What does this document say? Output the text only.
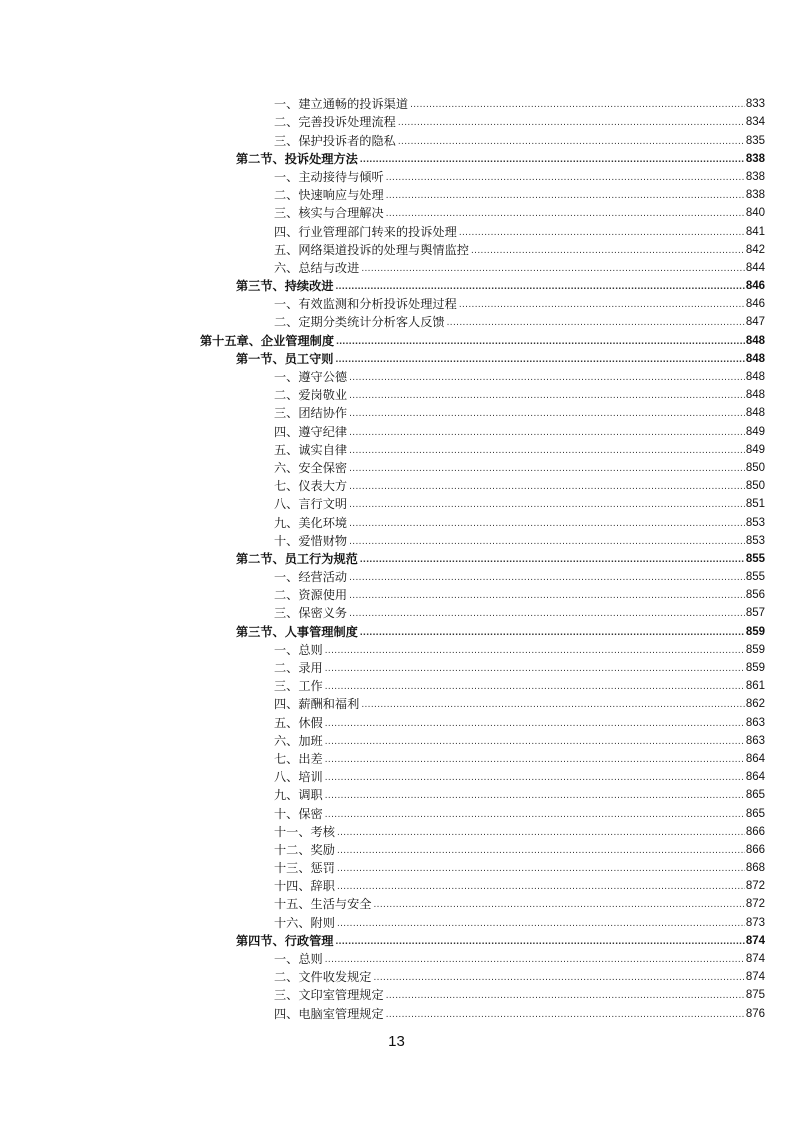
一、建立通畅的投诉渠道 .....	833
二、完善投诉处理流程 .....	834
三、保护投诉者的隐私 .....	835
第二节、投诉处理方法 .....	838
一、主动接待与倾听 .....	838
二、快速响应与处理 .....	838
三、核实与合理解决 .....	840
四、行业管理部门转来的投诉处理 .....	841
五、网络渠道投诉的处理与舆情监控 .....	842
六、总结与改进 .....	844
第三节、持续改进 .....	846
一、有效监测和分析投诉处理过程 .....	846
二、定期分类统计分析客人反馈 .....	847
第十五章、企业管理制度 .....	848
第一节、员工守则 .....	848
一、遵守公德 .....	848
二、爱岗敬业 .....	848
三、团结协作 .....	848
四、遵守纪律 .....	849
五、诚实自律 .....	849
六、安全保密 .....	850
七、仪表大方 .....	850
八、言行文明 .....	851
九、美化环境 .....	853
十、爱惜财物 .....	853
第二节、员工行为规范 .....	855
一、经营活动 .....	855
二、资源使用 .....	856
三、保密义务 .....	857
第三节、人事管理制度 .....	859
一、总则 .....	859
二、录用 .....	859
三、工作 .....	861
四、薪酬和福利 .....	862
五、休假 .....	863
六、加班 .....	863
七、出差 .....	864
八、培训 .....	864
九、调职 .....	865
十、保密 .....	865
十一、考核 .....	866
十二、奖励 .....	866
十三、惩罚 .....	868
十四、辞职 .....	872
十五、生活与安全 .....	872
十六、附则 .....	873
第四节、行政管理 .....	874
一、总则 .....	874
二、文件收发规定 .....	874
三、文印室管理规定 .....	875
四、电脑室管理规定 .....	876
13
